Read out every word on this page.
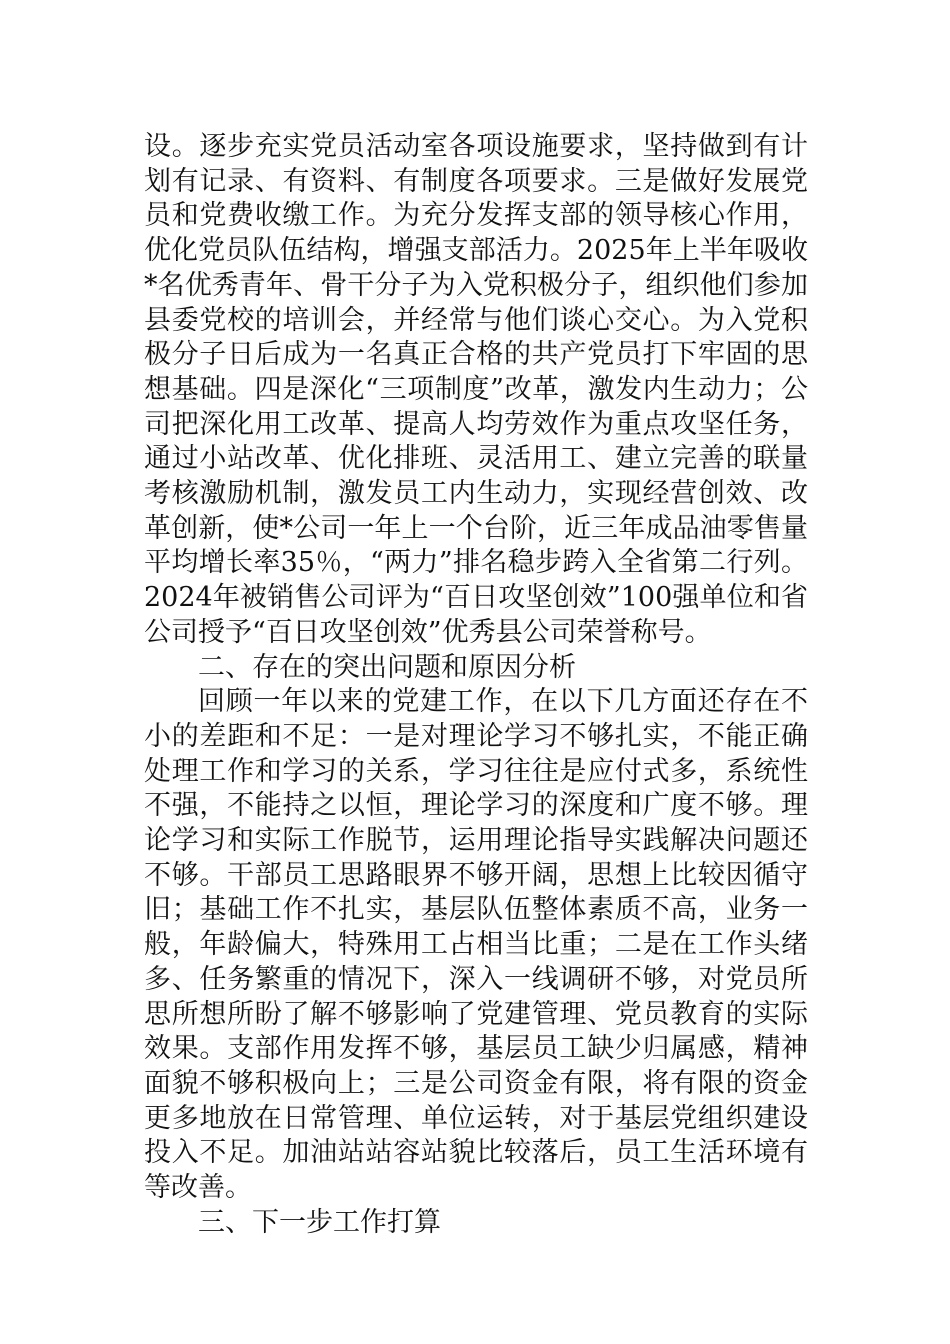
设。逐步充实党员活动室各项设施要求，坚持做到有计划有记录、有资料、有制度各项要求。三是做好发展党员和党费收缴工作。为充分发挥支部的领导核心作用，优化党员队伍结构，增强支部活力。2025年上半年吸收*名优秀青年、骨干分子为入党积极分子，组织他们参加县委党校的培训会，并经常与他们谈心交心。为入党积极分子日后成为一名真正合格的共产党员打下牢固的思想基础。四是深化“三项制度”改革，激发内生动力；公司把深化用工改革、提高人均劳效作为重点攻坚任务，通过小站改革、优化排班、灵活用工、建立完善的联量考核激励机制，激发员工内生动力，实现经营创效、改革创新，使*公司一年上一个台阶，近三年成品油零售量平均增长率35％，“两力”排名稳步跨入全省第二行列。2024年被销售公司评为“百日攻坚创效”100强单位和省公司授予“百日攻坚创效”优秀县公司荣誉称号。

二、存在的突出问题和原因分析

回顾一年以来的党建工作，在以下几方面还存在不小的差距和不足：一是对理论学习不够扎实，不能正确处理工作和学习的关系，学习往往是应付式多，系统性不强，不能持之以恒，理论学习的深度和广度不够。理论学习和实际工作脱节，运用理论指导实践解决问题还不够。干部员工思路眼界不够开阔，思想上比较因循守旧；基础工作不扎实，基层队伍整体素质不高，业务一般，年龄偏大，特殊用工占相当比重；二是在工作头绪多、任务繁重的情况下，深入一线调研不够，对党员所思所想所盼了解不够影响了党建管理、党员教育的实际效果。支部作用发挥不够，基层员工缺少归属感，精神面貌不够积极向上；三是公司资金有限，将有限的资金更多地放在日常管理、单位运转，对于基层党组织建设投入不足。加油站站容站貌比较落后，员工生活环境有等改善。

三、下一步工作打算
